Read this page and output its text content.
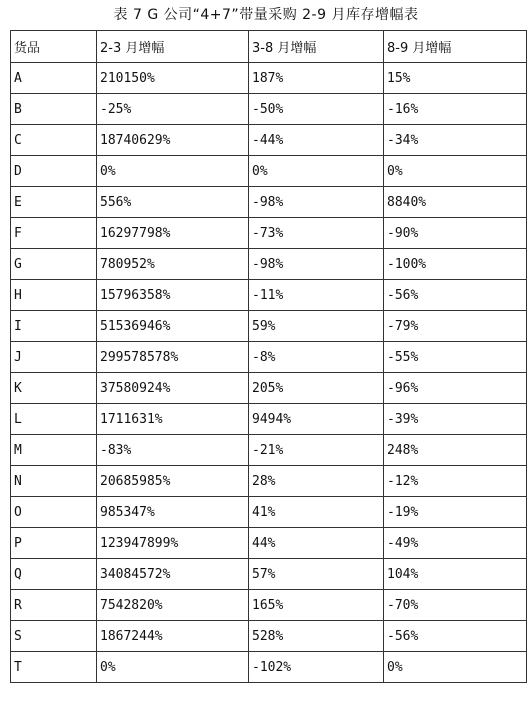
表 7 G 公司“4+7”带量采购 2-9 月库存增幅表
货品	2-3 月增幅	3-8 月增幅	8-9 月增幅
A	210150%	187%	15%
B	-25%	-50%	-16%
C	18740629%	-44%	-34%
D	0%	0%	0%
E	556%	-98%	8840%
F	16297798%	-73%	-90%
G	780952%	-98%	-100%
H	15796358%	-11%	-56%
I	51536946%	59%	-79%
J	299578578%	-8%	-55%
K	37580924%	205%	-96%
L	1711631%	9494%	-39%
M	-83%	-21%	248%
N	20685985%	28%	-12%
O	985347%	41%	-19%
P	123947899%	44%	-49%
Q	34084572%	57%	104%
R	7542820%	165%	-70%
S	1867244%	528%	-56%
T	0%	-102%	0%
